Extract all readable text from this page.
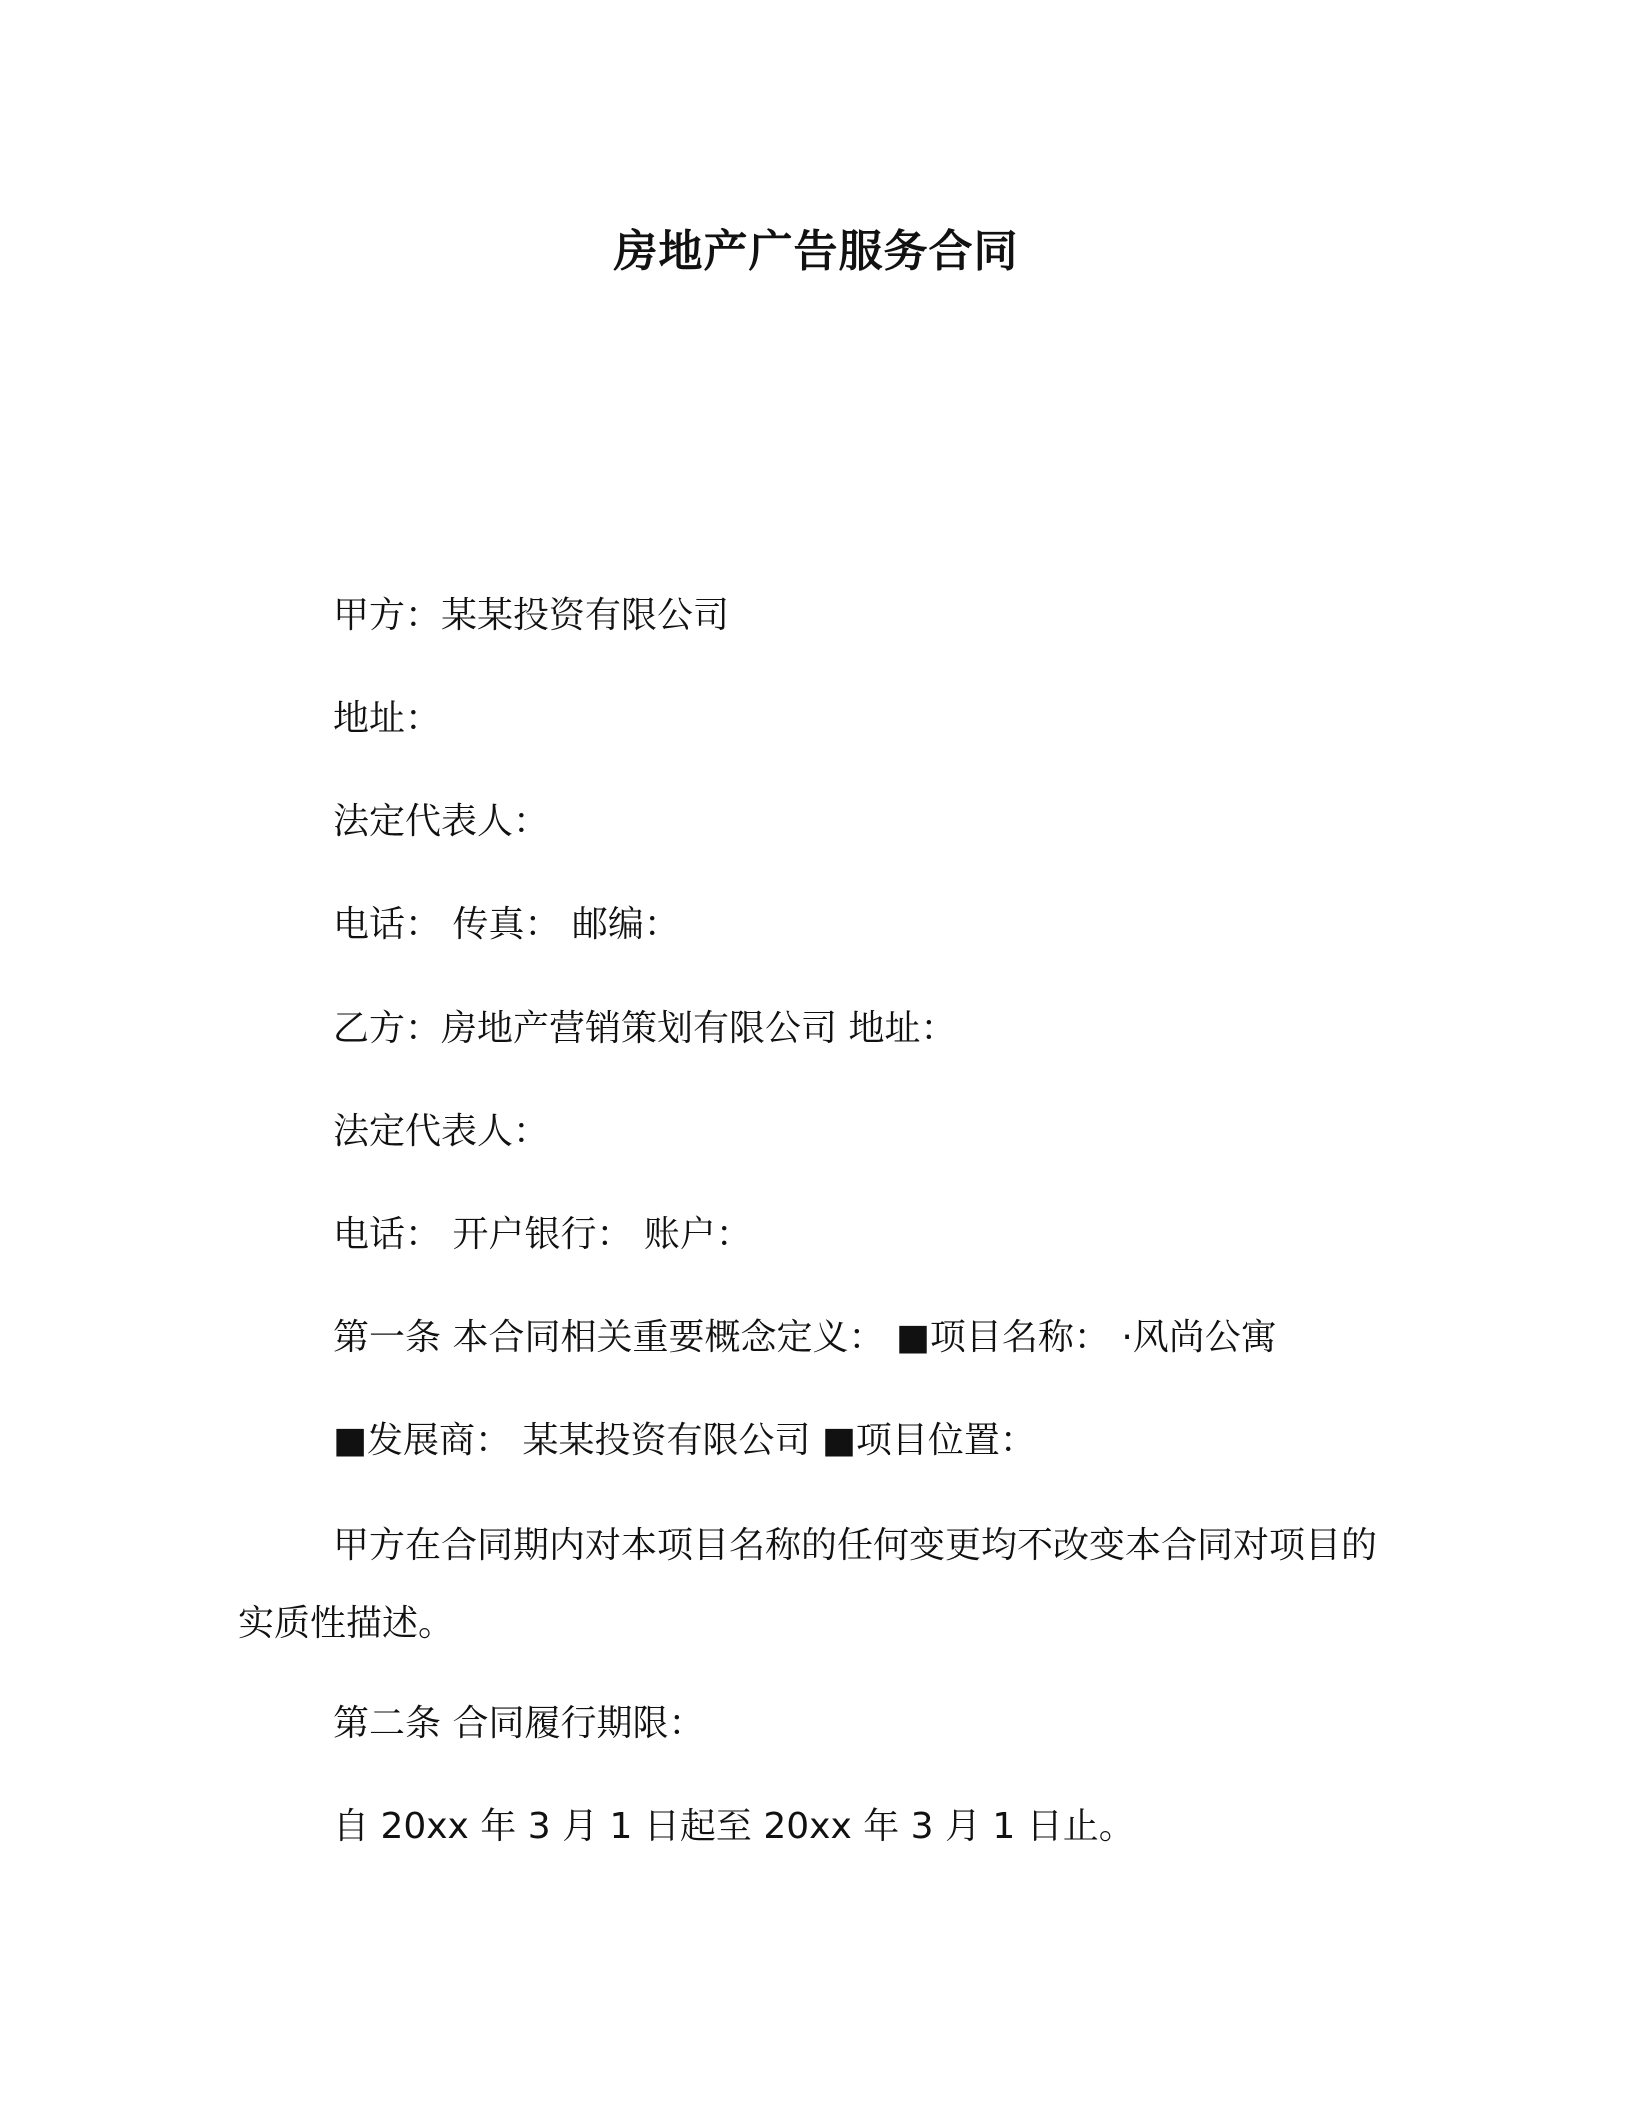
房地产广告服务合同
甲方：某某投资有限公司
地址：
法定代表人：
电话： 传真： 邮编：
乙方：房地产营销策划有限公司 地址：
法定代表人：
电话： 开户银行： 账户：
第一条 本合同相关重要概念定义： ■项目名称： ·风尚公寓
■发展商： 某某投资有限公司 ■项目位置：
甲方在合同期内对本项目名称的任何变更均不改变本合同对项目的实质性描述。
第二条 合同履行期限：
自 20xx 年 3 月 1 日起至 20xx 年 3 月 1 日止。
